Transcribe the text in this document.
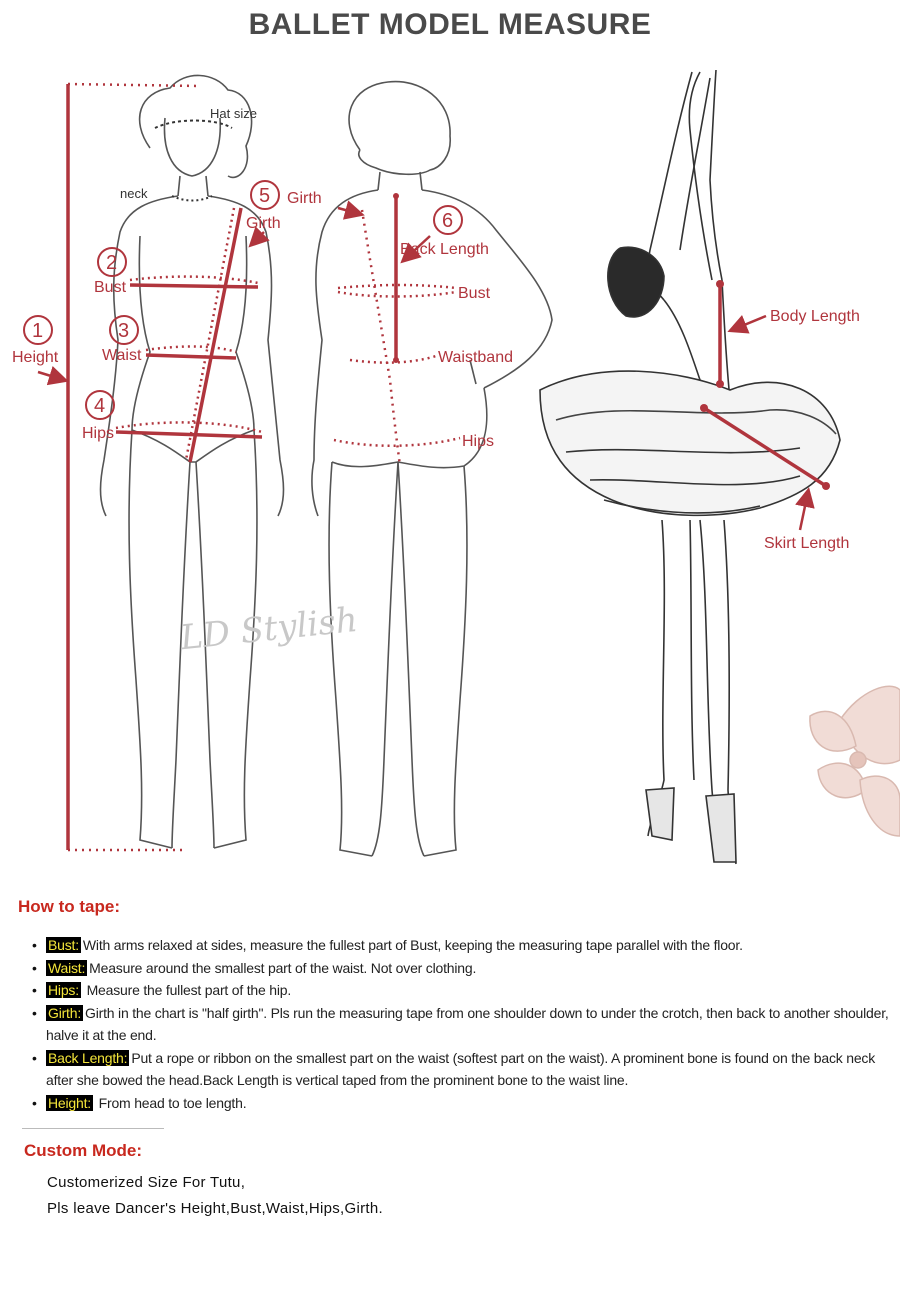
BALLET MODEL MEASURE
1
Height
2
Bust
3
Waist
4
Hips
5 Girth
Girth
Hat size
neck
6
Back Length
Bust
Waistband
Hips
LD Stylish
Body Length
Skirt Length
How to tape:
• Bust: With arms relaxed at sides, measure the fullest part of Bust, keeping the measuring tape parallel with the floor.
• Waist: Measure around the smallest part of the waist. Not over clothing.
• Hips: Measure the fullest part of the hip.
• Girth: Girth in the chart is "half girth". Pls run the measuring tape from one shoulder down to under the crotch, then back to another shoulder, halve it at the end.
• Back Length: Put a rope or ribbon on the smallest part on the waist (softest part on the waist). A prominent bone is found on the back neck after she bowed the head.Back Length is vertical taped from the prominent bone to the waist line.
• Height: From head to toe length.
Custom Mode:
Customerized Size For Tutu,
Pls leave Dancer's Height,Bust,Waist,Hips,Girth.
